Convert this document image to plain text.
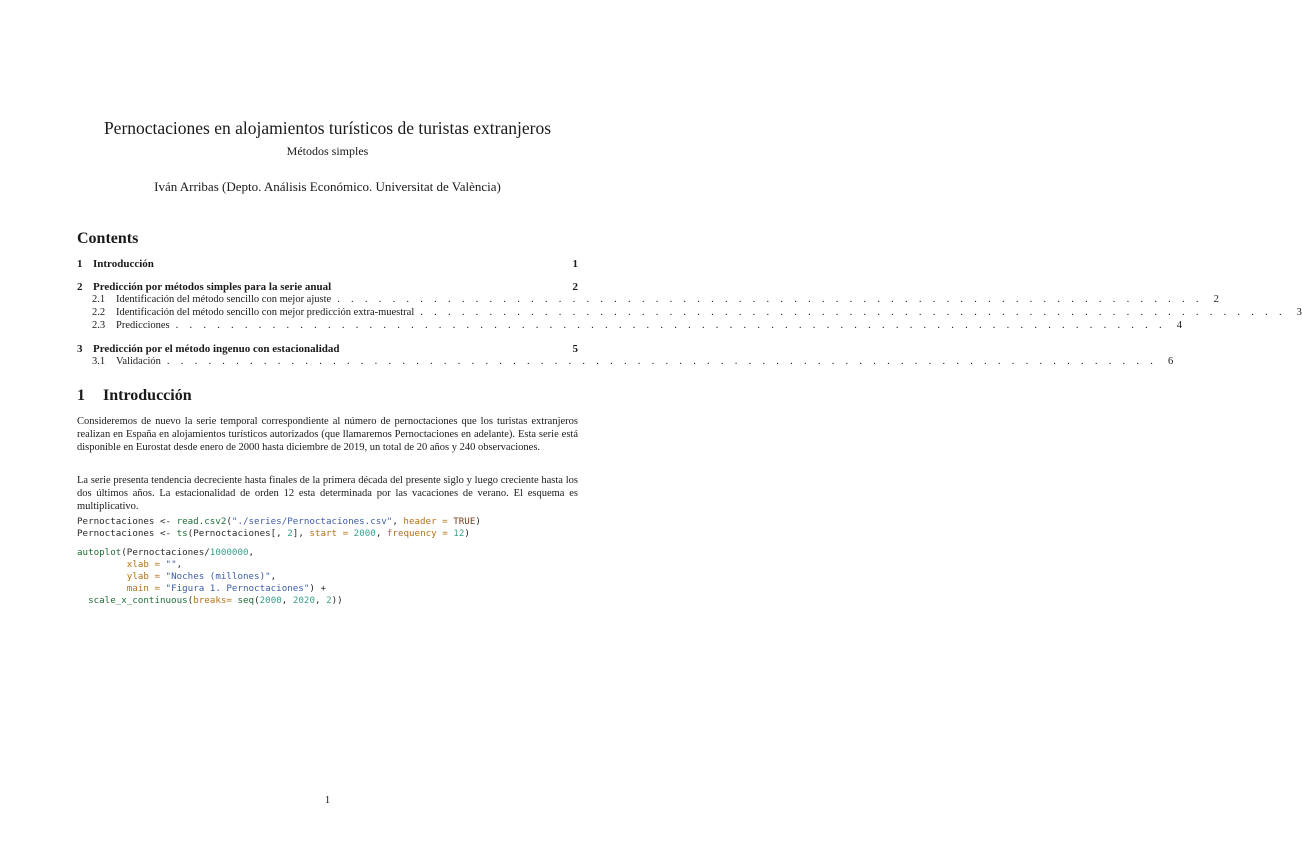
Pernoctaciones en alojamientos turísticos de turistas extranjeros
Métodos simples
Iván Arribas (Depto. Análisis Económico. Universitat de València)
Contents
1 Introducción	1
2 Predicción por métodos simples para la serie anual	2
2.1	Identificación del método sencillo con mejor ajuste . . . . . . . . . . . . . . . . . . . . . . . . . . . . . . . . . . . . . . . . . . . . . . . . . . . . . . . . . . . . . . .	2
2.2	Identificación del método sencillo con mejor predicción extra-muestral . . . . . . . . . . . . . . . . . . . . . . . . . . . . . . . . . . . . . . . . . . . . . . . . . . . . . . . . . . . . . . .	3
2.3	Predicciones . . . . . . . . . . . . . . . . . . . . . . . . . . . . . . . . . . . . . . . . . . . . . . . . . . . . . . . . . . . . . . . . . . . . . . . .	4
3 Predicción por el método ingenuo con estacionalidad	5
3.1	Validación . . . . . . . . . . . . . . . . . . . . . . . . . . . . . . . . . . . . . . . . . . . . . . . . . . . . . . . . . . . . . . . . . . . . . . . .	6
1 Introducción
Consideremos de nuevo la serie temporal correspondiente al número de pernoctaciones que los turistas extranjeros realizan en España en alojamientos turísticos autorizados (que llamaremos Pernoctaciones en adelante). Esta serie está disponible en Eurostat desde enero de 2000 hasta diciembre de 2019, un total de 20 años y 240 observaciones.
La serie presenta tendencia decreciente hasta finales de la primera década del presente siglo y luego creciente hasta los dos últimos años. La estacionalidad de orden 12 esta determinada por las vacaciones de verano. El esquema es multiplicativo.
Pernoctaciones <- read.csv2("./series/Pernoctaciones.csv", header = TRUE)
Pernoctaciones <- ts(Pernoctaciones[, 2], start = 2000, frequency = 12)
autoplot(Pernoctaciones/1000000,
xlab = "",
ylab = "Noches (millones)",
main = "Figura 1. Pernoctaciones") +
scale_x_continuous(breaks= seq(2000, 2020, 2))
1
